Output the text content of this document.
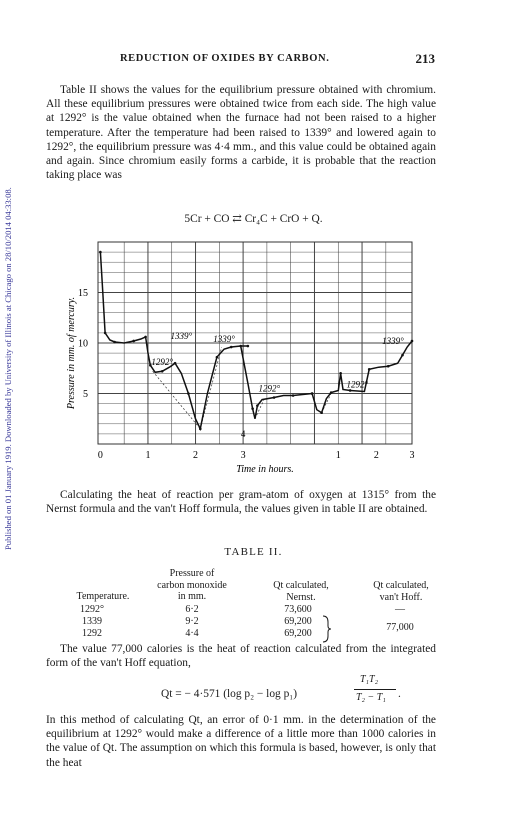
Published on 01 January 1919. Downloaded by University of Illinois at Chicago on 28/10/2014 04:33:08.
REDUCTION OF OXIDES BY CARBON.	213

Table II shows the values for the equilibrium pressure obtained with chromium. All these equilibrium pressures were obtained twice from each side. The high value at 1292° is the value obtained when the furnace had not been raised to a higher temperature. After the temperature had been raised to 1339° and lowered again to 1292°, the equilibrium pressure was 4·4 mm., and this value could be obtained again and again. Since chromium easily forms a carbide, it is probable that the reaction taking place was

5Cr + CO ⇄ Cr₄C + CrO + Q.
15
10
5
0	1	2	3	1	2	3
4
Time in hours.
Pressure in mm. of mercury.	1339° 1339°
1292°
1292°	1292°
1339°

Calculating the heat of reaction per gram-atom of oxygen at 1315° from the Nernst formula and the van't Hoff formula, the values given in table II are obtained.

TABLE II.
Temperature.
Pressure of
carbon monoxide
in mm.
Qt calculated,
Nernst.
Qt calculated,
van't Hoff.
1292°	6·2	73,600	—
1339	9·2	69,200
1292	4·4	69,200
77,000

The value 77,000 calories is the heat of reaction calculated from the integrated form of the van't Hoff equation,

Qt = − 4·571 (log p₂ − log p₁)
T₁T₂
T₂ − T₁ .

In this method of calculating Qt, an error of 0·1 mm. in the determination of the equilibrium at 1292° would make a difference of a little more than 1000 calories in the value of Qt. The assumption on which this formula is based, however, is only that the heat
